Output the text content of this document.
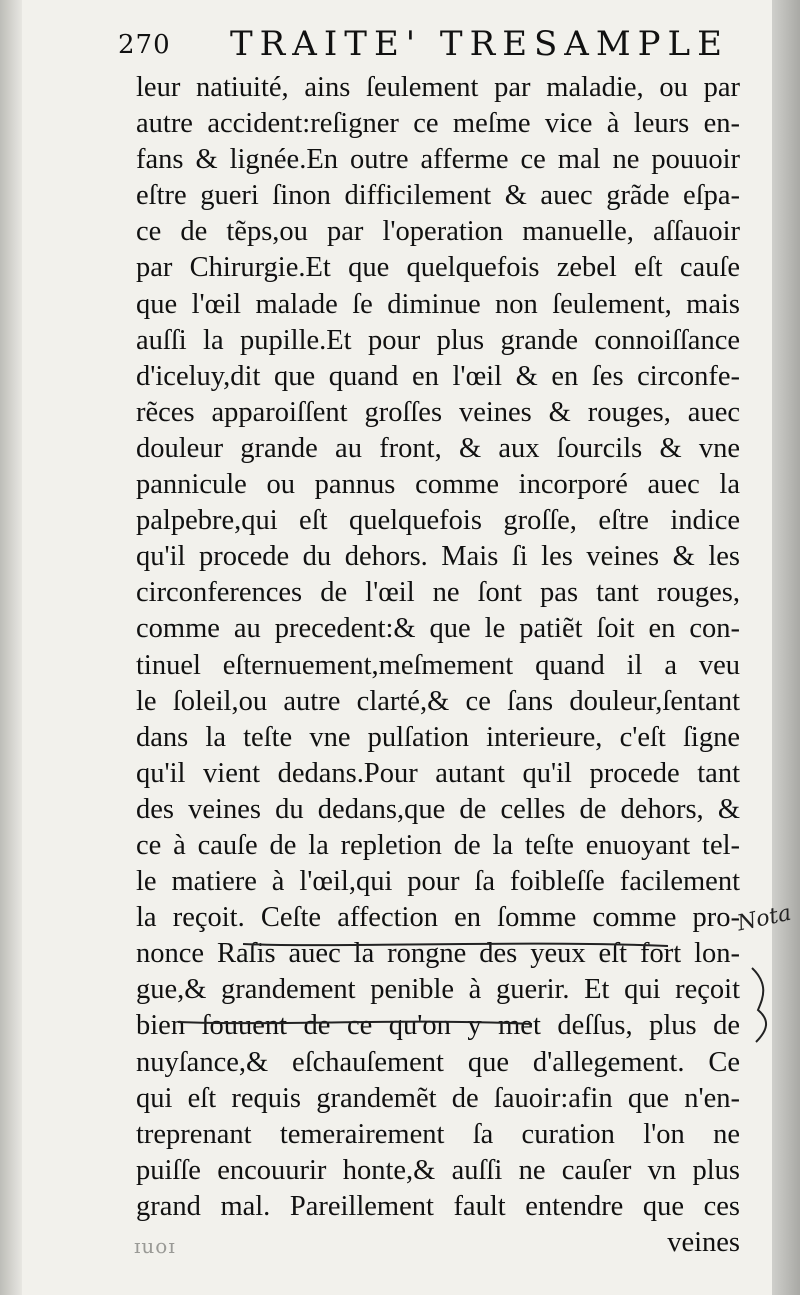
270 TRAITE' TRESAMPLE
leur natiuité, ains ſeulement par maladie, ou par
autre accident:reſigner ce meſme vice à leurs en-
fans & lignée.En outre afferme ce mal ne pouuoir
eſtre gueri ſinon difficilement & auec grãde eſpa-
ce de tẽps,ou par l'operation manuelle, aſſauoir
par Chirurgie.Et que quelquefois zebel eſt cauſe
que l'œil malade ſe diminue non ſeulement, mais
auſſi la pupille.Et pour plus grande connoiſſance
d'iceluy,dit que quand en l'œil & en ſes circonfe-
rẽces apparoiſſent groſſes veines & rouges, auec
douleur grande au front, & aux ſourcils & vne
pannicule ou pannus comme incorporé auec la
palpebre,qui eſt quelquefois groſſe, eſtre indice
qu'il procede du dehors. Mais ſi les veines & les
circonferences de l'œil ne ſont pas tant rouges,
comme au precedent:& que le patiẽt ſoit en con-
tinuel eſternuement,meſmement quand il a veu
le ſoleil,ou autre clarté,& ce ſans douleur,ſentant
dans la teſte vne pulſation interieure, c'eſt ſigne
qu'il vient dedans.Pour autant qu'il procede tant
des veines du dedans,que de celles de dehors, &
ce à cauſe de la repletion de la teſte enuoyant tel-
le matiere à l'œil,qui pour ſa foibleſſe facilement
la reçoit. Ceſte affection en ſomme comme pro-
nonce Raſis auec la rongne des yeux eſt fort lon-
gue,& grandement penible à guerir. Et qui reçoit
bien ſouuent de ce qu'on y met deſſus, plus de
nuyſance,& eſchauſement que d'allegement. Ce
qui eſt requis grandemẽt de ſauoir:afin que n'en-
treprenant temerairement ſa curation l'on ne
puiſſe encouurir honte,& auſſi ne cauſer vn plus
grand mal. Pareillement fault entendre que ces
veines
ɪuoɪ
Nota
